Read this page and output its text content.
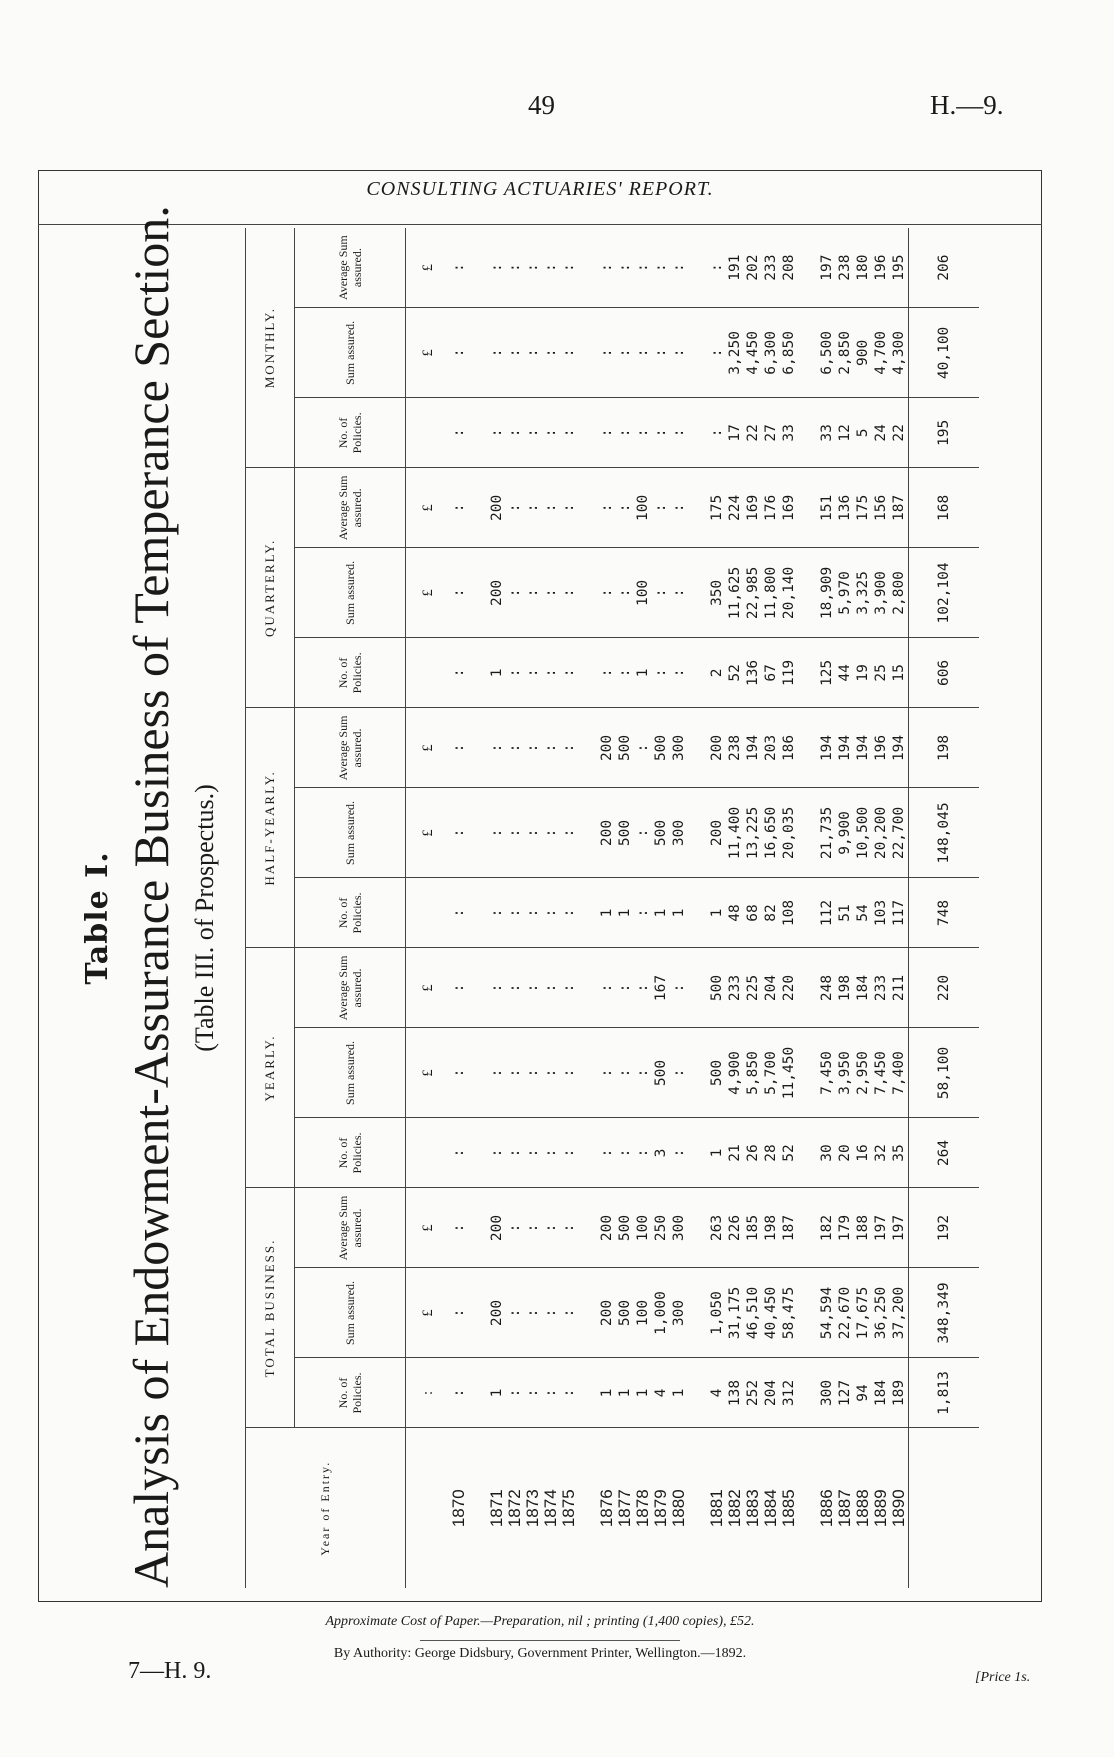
49	H.—9.
CONSULTING ACTUARIES' REPORT.
Table I. Analysis of Endowment-Assurance Business of Temperance Section. (Table III. of Prospectus.)
Year of Entry.	TOTAL BUSINESS.			YEARLY.			HALF-YEARLY.			QUARTERLY.			MONTHLY.		
	No. of Policies.	Sum assured.	Average Sum assured.	No. of Policies.	Sum assured.	Average Sum assured.	No. of Policies.	Sum assured.	Average Sum assured.	No. of Policies.	Sum assured.	Average Sum assured.	No. of Policies.	Sum assured.	Average Sum assured.
	:	£	£		£	£		£	£		£	£		£	£
1870	:	:	:	:	:	:	:	:	:	:	:	:	:	:	:

1871	1	200	200	:	:	:	:	:	:	1	200	200	:	:	:
1872	:	:	:	:	:	:	:	:	:	:	:	:	:	:	:
1873	:	:	:	:	:	:	:	:	:	:	:	:	:	:	:
1874	:	:	:	:	:	:	:	:	:	:	:	:	:	:	:
1875	:	:	:	:	:	:	:	:	:	:	:	:	:	:	:

1876	1	200	200	:	:	:	1	200	200	:	:	:	:	:	:
1877	1	500	500	:	:	:	1	500	500	:	:	:	:	:	:
1878	1	100	100	:	:	:	:	:	:	1	100	100	:	:	:
1879	4	1,000	250	3	500	167	1	500	500	:	:	:	:	:	:
1880	1	300	300	:	:	:	1	300	300	:	:	:	:	:	:

1881	4	1,050	263	1	500	500	1	200	200	2	350	175	:	:	:
1882	138	31,175	226	21	4,900	233	48	11,400	238	52	11,625	224	17	3,250	191
1883	252	46,510	185	26	5,850	225	68	13,225	194	136	22,985	169	22	4,450	202
1884	204	40,450	198	28	5,700	204	82	16,650	203	67	11,800	176	27	6,300	233
1885	312	58,475	187	52	11,450	220	108	20,035	186	119	20,140	169	33	6,850	208

1886	300	54,594	182	30	7,450	248	112	21,735	194	125	18,909	151	33	6,500	197
1887	127	22,670	179	20	3,950	198	51	9,900	194	44	5,970	136	12	2,850	238
1888	94	17,675	188	16	2,950	184	54	10,500	194	19	3,325	175	5	900	180
1889	184	36,250	197	32	7,450	233	103	20,200	196	25	3,900	156	24	4,700	196
1890	189	37,200	197	35	7,400	211	117	22,700	194	15	2,800	187	22	4,300	195
	1,813	348,349	192	264	58,100	220	748	148,045	198	606	102,104	168	195	40,100	206
Approximate Cost of Paper.—Preparation, nil ; printing (1,400 copies), £52.
By Authority: George Didsbury, Government Printer, Wellington.—1892.
7—H. 9.	[Price 1s.
